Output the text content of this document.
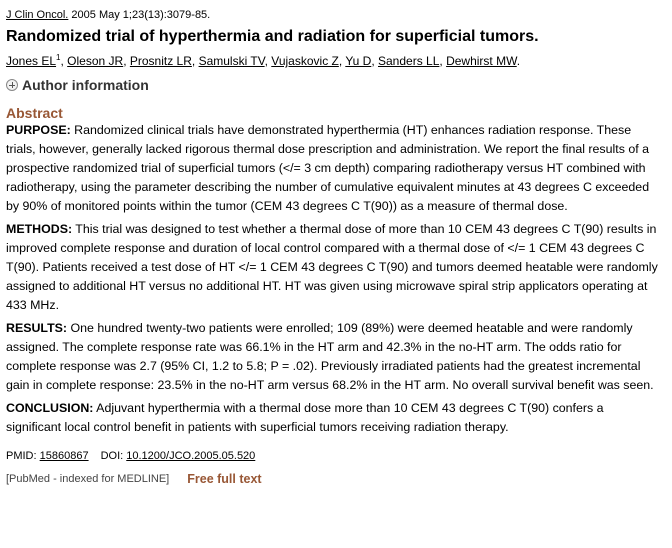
J Clin Oncol. 2005 May 1;23(13):3079-85.
Randomized trial of hyperthermia and radiation for superficial tumors.
Jones $EL^1$, Oleson JR, Prosnitz LR, Samulski TV, Vujaskovic Z, Yu D, Sanders LL, Dewhirst MW.
Author information
Abstract
PURPOSE: Randomized clinical trials have demonstrated hyperthermia (HT) enhances radiation response. These trials, however, generally lacked rigorous thermal dose prescription and administration. We report the final results of a prospective randomized trial of superficial tumors (</= 3 cm depth) comparing radiotherapy versus HT combined with radiotherapy, using the parameter describing the number of cumulative equivalent minutes at 43 degrees C exceeded by 90% of monitored points within the tumor (CEM 43 degrees C T(90)) as a measure of thermal dose.
METHODS: This trial was designed to test whether a thermal dose of more than 10 CEM 43 degrees C T(90) results in improved complete response and duration of local control compared with a thermal dose of </= 1 CEM 43 degrees C T(90). Patients received a test dose of HT </= 1 CEM 43 degrees C T(90) and tumors deemed heatable were randomly assigned to additional HT versus no additional HT. HT was given using microwave spiral strip applicators operating at 433 MHz.
RESULTS: One hundred twenty-two patients were enrolled; 109 (89%) were deemed heatable and were randomly assigned. The complete response rate was 66.1% in the HT arm and 42.3% in the no-HT arm. The odds ratio for complete response was 2.7 (95% CI, 1.2 to 5.8; P = .02). Previously irradiated patients had the greatest incremental gain in complete response: 23.5% in the no-HT arm versus 68.2% in the HT arm. No overall survival benefit was seen.
CONCLUSION: Adjuvant hyperthermia with a thermal dose more than 10 CEM 43 degrees C T(90) confers a significant local control benefit in patients with superficial tumors receiving radiation therapy.
PMID: 15860867 DOI: 10.1200/JCO.2005.05.520
[PubMed - indexed for MEDLINE] Free full text
